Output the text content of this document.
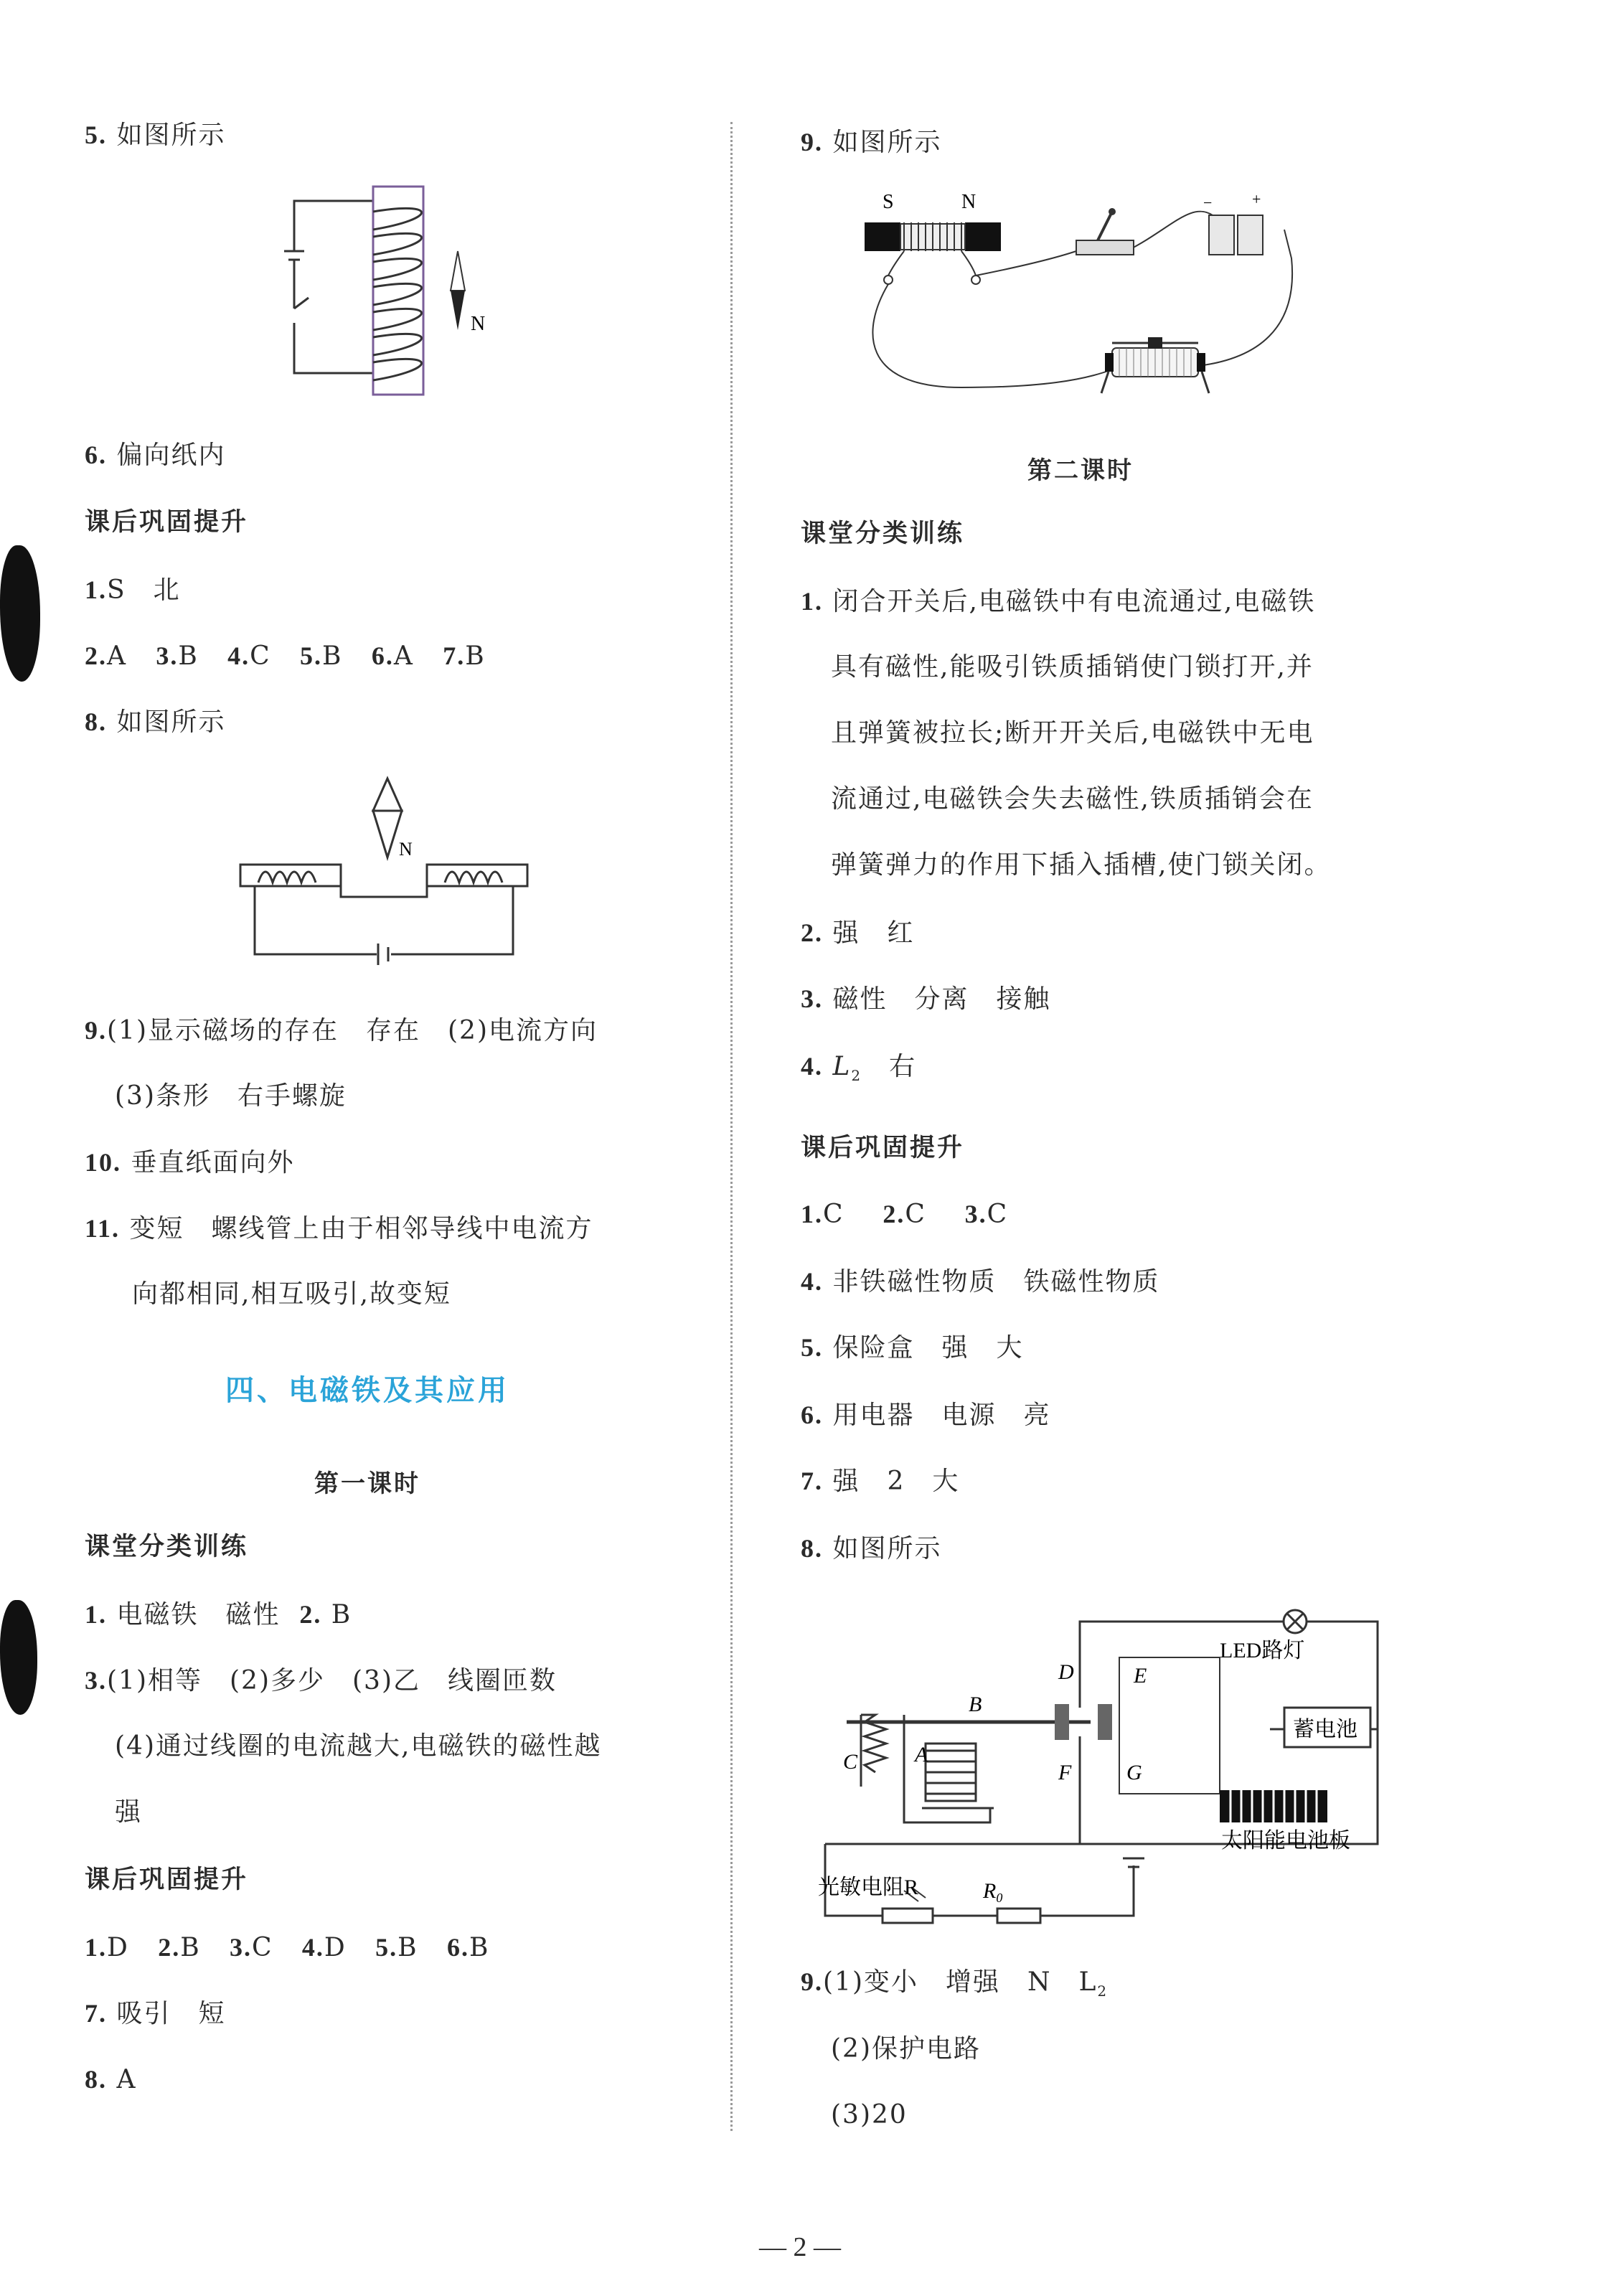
5. 如图所示
N
6. 偏向纸内
课后巩固提升
1.S　北
2.A 3.B 4.C 5.B 6.A 7.B
8. 如图所示
N
9.(1)显示磁场的存在　存在　(2)电流方向
(3)条形　右手螺旋
10. 垂直纸面向外
11. 变短　螺线管上由于相邻导线中电流方
向都相同,相互吸引,故变短
四、电磁铁及其应用
第一课时
课堂分类训练
1. 电磁铁　磁性 2. B
3.(1)相等　(2)多少　(3)乙　线圈匝数
(4)通过线圈的电流越大,电磁铁的磁性越
强
课后巩固提升
1.D 2.B 3.C 4.D 5.B 6.B
7. 吸引　短
8. A
9. 如图所示
S	N	−	+
第二课时
课堂分类训练
1. 闭合开关后,电磁铁中有电流通过,电磁铁
具有磁性,能吸引铁质插销使门锁打开,并
且弹簧被拉长;断开开关后,电磁铁中无电
流通过,电磁铁会失去磁性,铁质插销会在
弹簧弹力的作用下插入插槽,使门锁关闭。
2. 强　红
3. 磁性　分离　接触
4. $L_2$　右
课后巩固提升
1.C 2.C 3.C
4. 非铁磁性物质　铁磁性物质
5. 保险盒　强　大
6. 用电器　电源　亮
7. 强　2　大
8. 如图所示
LED路灯
蓄电池
太阳能电池板
光敏电阻R	$R_0$
A
B
C
D	E
F	G
9.(1)变小　增强　N　$L_2$
(2)保护电路
(3)20
— 2 —
